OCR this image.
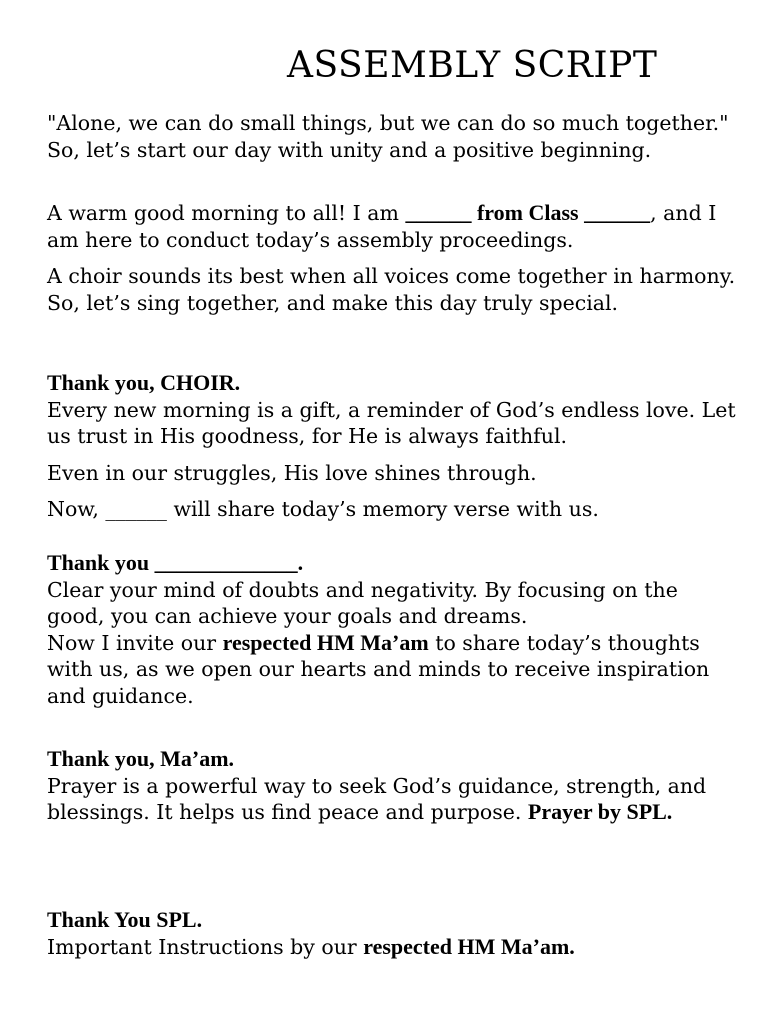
ASSEMBLY SCRIPT
"Alone, we can do small things, but we can do so much together." So, let’s start our day with unity and a positive beginning.
A warm good morning to all! I am ______ from Class ______, and I am here to conduct today’s assembly proceedings.
A choir sounds its best when all voices come together in harmony. So, let’s sing together, and make this day truly special.
Thank you, CHOIR.
Every new morning is a gift, a reminder of God’s endless love. Let us trust in His goodness, for He is always faithful.
Even in our struggles, His love shines through.
Now, ______ will share today’s memory verse with us.
Thank you _____________.
Clear your mind of doubts and negativity. By focusing on the good, you can achieve your goals and dreams.
Now I invite our respected HM Ma’am to share today’s thoughts with us, as we open our hearts and minds to receive inspiration and guidance.
Thank you, Ma’am.
Prayer is a powerful way to seek God’s guidance, strength, and blessings. It helps us find peace and purpose. Prayer by SPL.
Thank You SPL.
Important Instructions by our respected HM Ma’am.
